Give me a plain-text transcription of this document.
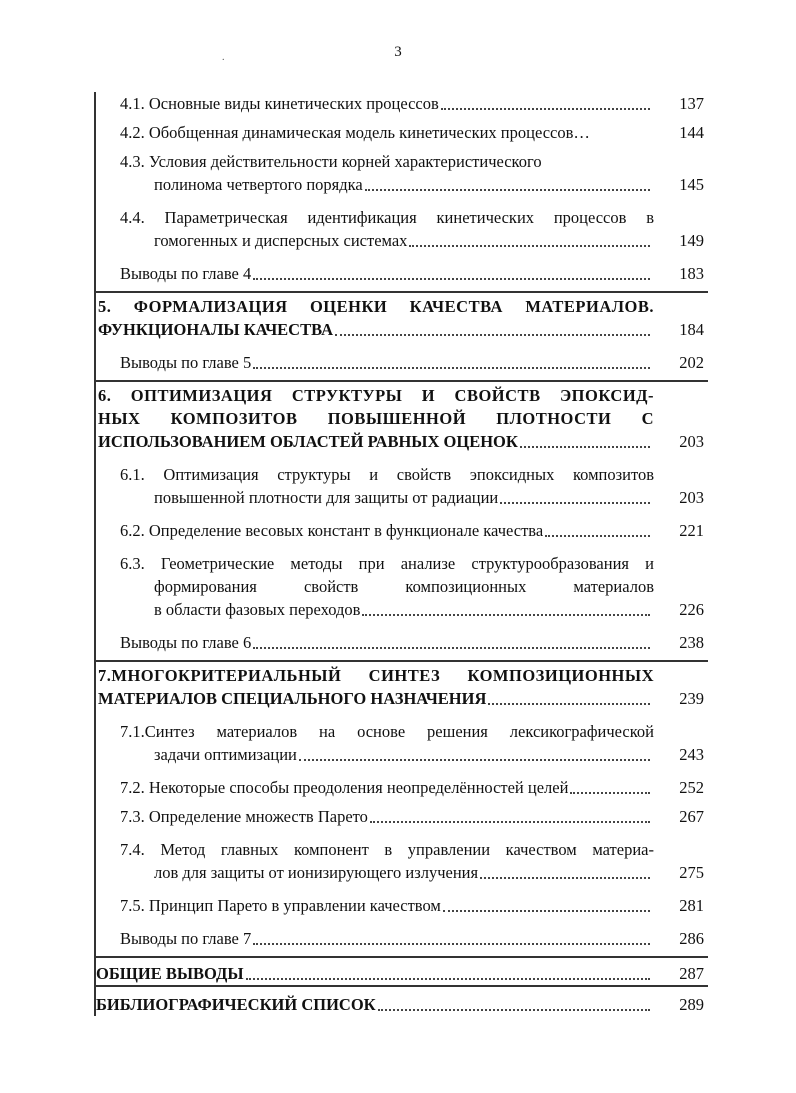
3
.
4.1. Основные виды кинетических процессов	137
4.2. Обобщенная динамическая модель кинетических процессов…	144
4.3. Условия действительности корней характеристического
полинома четвертого порядка	145
4.4. Параметрическая идентификация кинетических процессов в
гомогенных и дисперсных системах	149
Выводы по главе 4	183
5. ФОРМАЛИЗАЦИЯ ОЦЕНКИ КАЧЕСТВА МАТЕРИАЛОВ.
ФУНКЦИОНАЛЫ КАЧЕСТВА	184
Выводы по главе 5	202
6. ОПТИМИЗАЦИЯ СТРУКТУРЫ И СВОЙСТВ ЭПОКСИД-
НЫХ КОМПОЗИТОВ ПОВЫШЕННОЙ ПЛОТНОСТИ С
ИСПОЛЬЗОВАНИЕМ ОБЛАСТЕЙ РАВНЫХ ОЦЕНОК	203
6.1. Оптимизация структуры и свойств эпоксидных композитов
повышенной плотности для защиты от радиации	203
6.2. Определение весовых констант в функционале качества	221
6.3. Геометрические методы при анализе структурообразования и
формирования свойств композиционных материалов
в области фазовых переходов	226
Выводы по главе 6	238
7.МНОГОКРИТЕРИАЛЬНЫЙ СИНТЕЗ КОМПОЗИЦИОННЫХ
МАТЕРИАЛОВ СПЕЦИАЛЬНОГО НАЗНАЧЕНИЯ	239
7.1.Синтез материалов на основе решения лексикографической
задачи оптимизации	243
7.2. Некоторые способы преодоления неопределённостей целей	252
7.3. Определение множеств Парето	267
7.4. Метод главных компонент в управлении качеством материа-
лов для защиты от ионизирующего излучения	275
7.5. Принцип Парето в управлении качеством	281
Выводы по главе 7	286
ОБЩИЕ ВЫВОДЫ	287
БИБЛИОГРАФИЧЕСКИЙ СПИСОК	289
